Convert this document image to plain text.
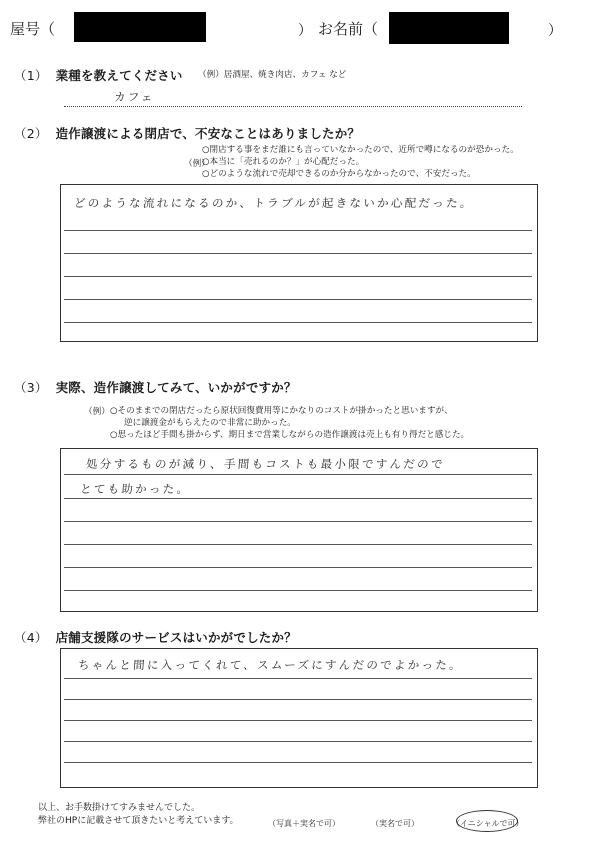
屋号（	） お名前（	）
（1） 業種を教えてください （例）居酒屋、焼き肉店、カフェ など
カフェ
（2） 造作譲渡による閉店で、不安なことはありましたか？
（例）
○閉店する事をまだ誰にも言っていなかったので、近所で噂になるのが恐かった。
○本当に「売れるのか？」が心配だった。
○どのような流れで売却できるのか分からなかったので、不安だった。
どのような流れになるのか、トラブルが起きないか心配だった。
（3） 実際、造作譲渡してみて、いかがですか？
（例） ○そのままでの閉店だったら原状回復費用等にかなりのコストが掛かったと思いますが、
逆に譲渡金がもらえたので非常に助かった。
○思ったほど手間も掛からず、期日まで営業しながらの造作譲渡は売上も有り得だと感じた。
処分するものが減り、手間もコストも最小限ですんだので
とても助かった。
（4） 店舗支援隊のサービスはいかがでしたか？
ちゃんと間に入ってくれて、スムーズにすんだのでよかった。
以上、お手数掛けてすみませんでした。
弊社のHPに記載させて頂きたいと考えています。	（写真＋実名で可）	（実名で可）	（イニシャルで可）
